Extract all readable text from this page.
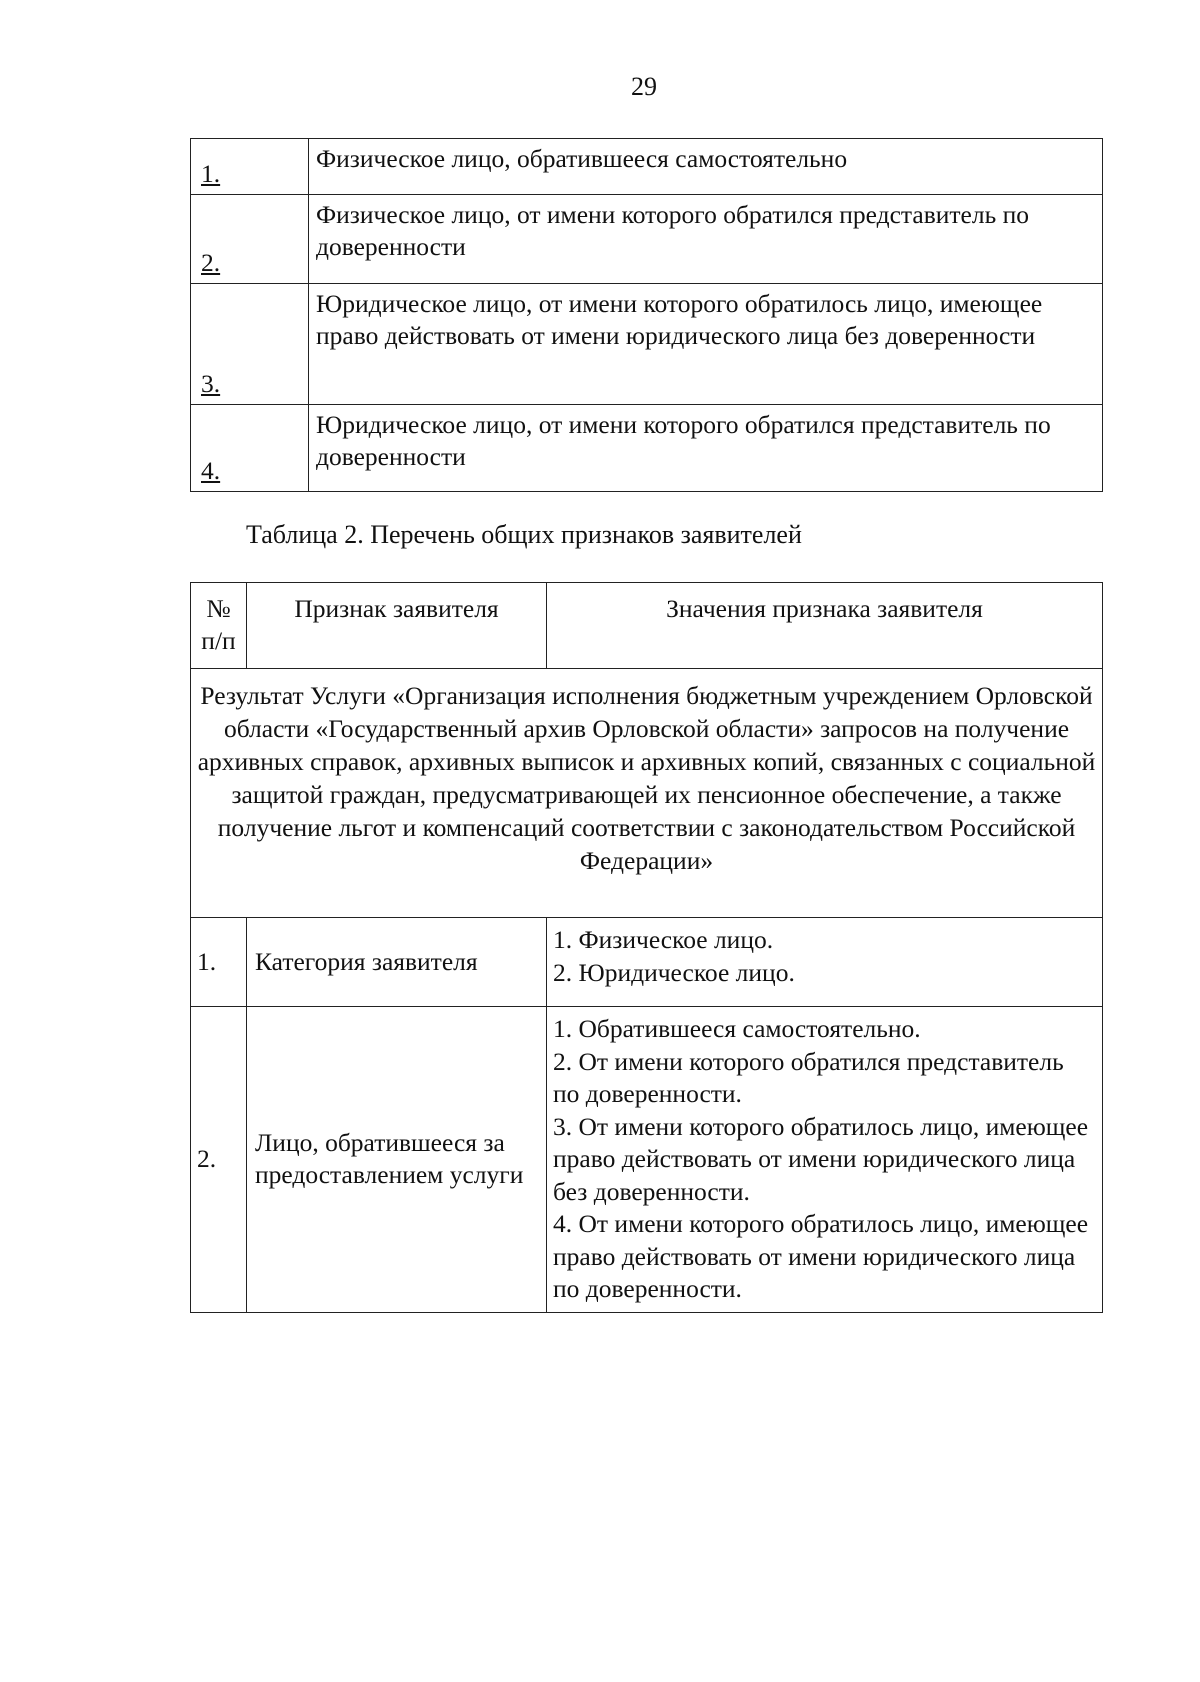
29
1.	Физическое лицо, обратившееся самостоятельно
2.	Физическое лицо, от имени которого обратился представитель по доверенности
3.	Юридическое лицо, от имени которого обратилось лицо, имеющее право действовать от имени юридического лица без доверенности
4.	Юридическое лицо, от имени которого обратился представитель по доверенности
Таблица 2. Перечень общих признаков заявителей
№ п/п	Признак заявителя	Значения признака заявителя
Результат Услуги «Организация исполнения бюджетным учреждением Орловской области «Государственный архив Орловской области» запросов на получение архивных справок, архивных выписок и архивных копий, связанных с социальной защитой граждан, предусматривающей их пенсионное обеспечение, а также получение льгот и компенсаций соответствии с законодательством Российской Федерации»		
1.	Категория заявителя	1. Физическое лицо.
2. Юридическое лицо.

2.	Лицо, обратившееся за предоставлением услуги	1. Обратившееся самостоятельно.
2. От имени которого обратился представитель по доверенности.
3. От имени которого обратилось лицо, имеющее право действовать от имени юридического лица без доверенности.
4. От имени которого обратилось лицо, имеющее право действовать от имени юридического лица по доверенности.
